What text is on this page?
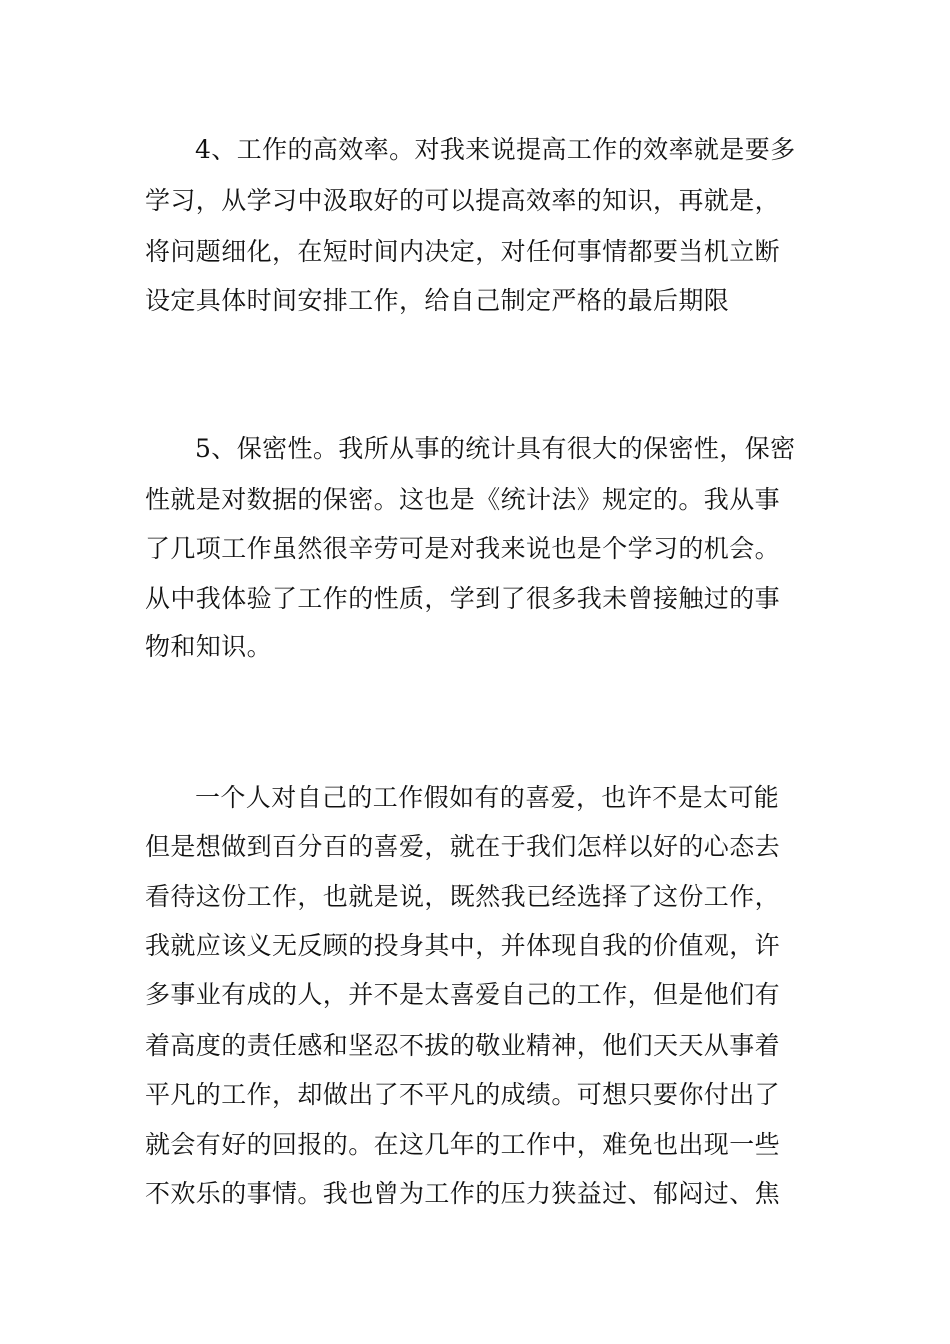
4、工作的高效率。对我来说提高工作的效率就是要多
学习，从学习中汲取好的可以提高效率的知识，再就是，
将问题细化，在短时间内决定，对任何事情都要当机立断
设定具体时间安排工作，给自己制定严格的最后期限
5、保密性。我所从事的统计具有很大的保密性，保密
性就是对数据的保密。这也是《统计法》规定的。我从事
了几项工作虽然很辛劳可是对我来说也是个学习的机会。
从中我体验了工作的性质，学到了很多我未曾接触过的事
物和知识。
一个人对自己的工作假如有的喜爱，也许不是太可能
但是想做到百分百的喜爱，就在于我们怎样以好的心态去
看待这份工作，也就是说，既然我已经选择了这份工作，
我就应该义无反顾的投身其中，并体现自我的价值观，许
多事业有成的人，并不是太喜爱自己的工作，但是他们有
着高度的责任感和坚忍不拔的敬业精神，他们天天从事着
平凡的工作，却做出了不平凡的成绩。可想只要你付出了
就会有好的回报的。在这几年的工作中，难免也出现一些
不欢乐的事情。我也曾为工作的压力狭益过、郁闷过、焦
